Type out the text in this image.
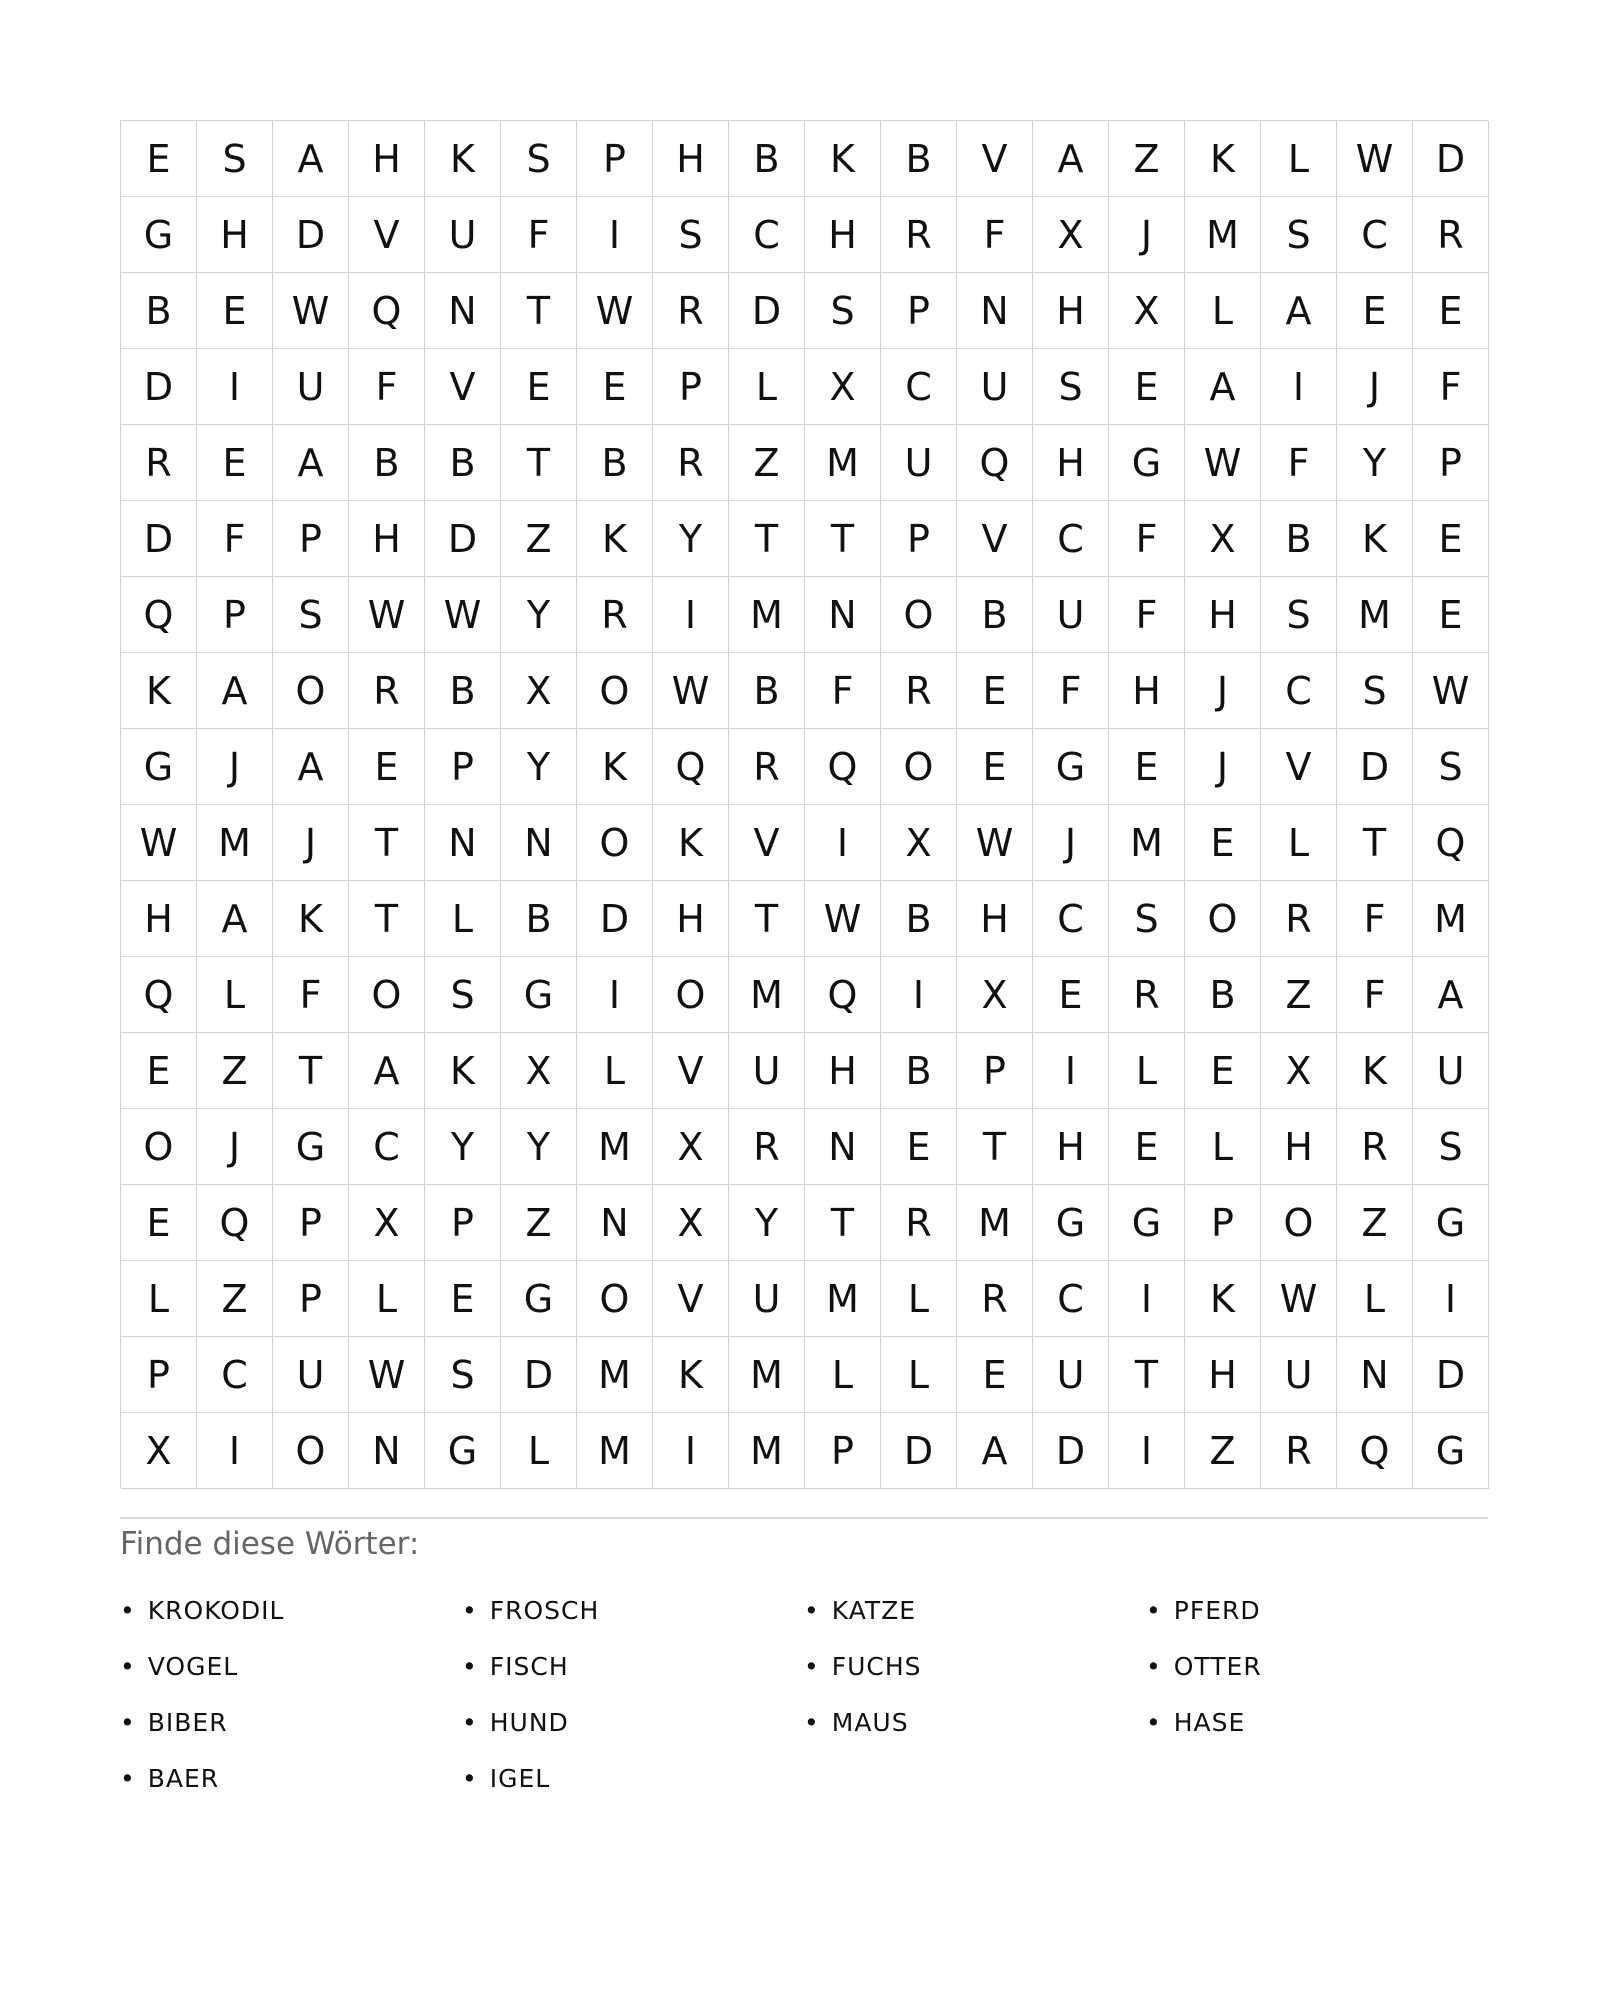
E	S	A	H	K	S	P	H	B	K	B	V	A	Z	K	L	W	D
G	H	D	V	U	F	I	S	C	H	R	F	X	J	M	S	C	R
B	E	W	Q	N	T	W	R	D	S	P	N	H	X	L	A	E	E
D	I	U	F	V	E	E	P	L	X	C	U	S	E	A	I	J	F
R	E	A	B	B	T	B	R	Z	M	U	Q	H	G	W	F	Y	P
D	F	P	H	D	Z	K	Y	T	T	P	V	C	F	X	B	K	E
Q	P	S	W	W	Y	R	I	M	N	O	B	U	F	H	S	M	E
K	A	O	R	B	X	O	W	B	F	R	E	F	H	J	C	S	W
G	J	A	E	P	Y	K	Q	R	Q	O	E	G	E	J	V	D	S
W	M	J	T	N	N	O	K	V	I	X	W	J	M	E	L	T	Q
H	A	K	T	L	B	D	H	T	W	B	H	C	S	O	R	F	M
Q	L	F	O	S	G	I	O	M	Q	I	X	E	R	B	Z	F	A
E	Z	T	A	K	X	L	V	U	H	B	P	I	L	E	X	K	U
O	J	G	C	Y	Y	M	X	R	N	E	T	H	E	L	H	R	S
E	Q	P	X	P	Z	N	X	Y	T	R	M	G	G	P	O	Z	G
L	Z	P	L	E	G	O	V	U	M	L	R	C	I	K	W	L	I
P	C	U	W	S	D	M	K	M	L	L	E	U	T	H	U	N	D
X	I	O	N	G	L	M	I	M	P	D	A	D	I	Z	R	Q	G
Finde diese Wörter:
• KROKODIL	• FROSCH	• KATZE	• PFERD
• VOGEL	• FISCH	• FUCHS	• OTTER
• BIBER	• HUND	• MAUS	• HASE
• BAER	• IGEL
